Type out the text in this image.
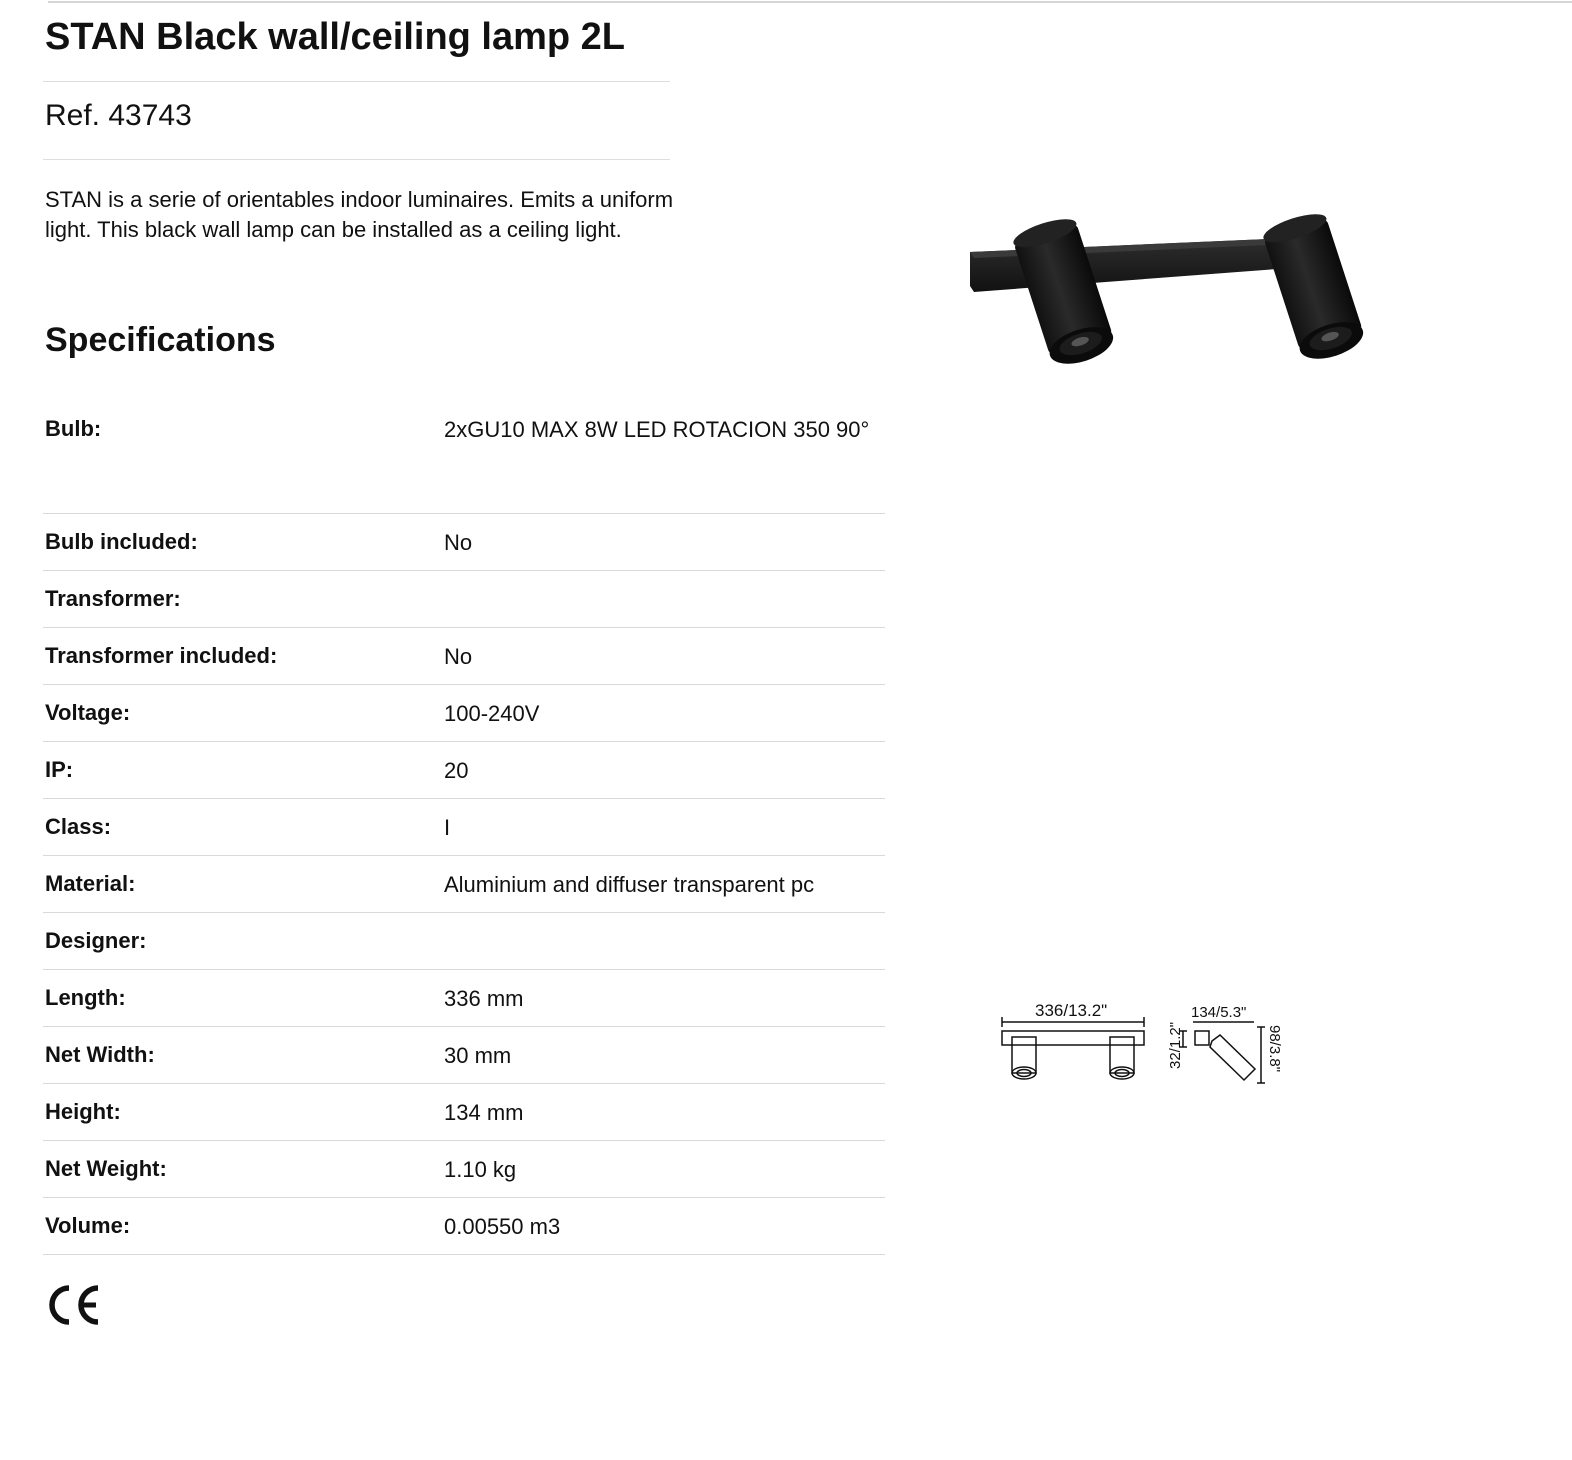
STAN Black wall/ceiling lamp 2L
Ref. 43743

STAN is a serie of orientables indoor luminaires. Emits a uniform light. This black wall lamp can be installed as a ceiling light.

Specifications
Bulb:	2xGU10 MAX 8W LED ROTACION 350 90°
Bulb included:	No
Transformer:
Transformer included:	No
Voltage:	100-240V
IP:	20
Class:	I
Material:	Aluminium and diffuser transparent pc
Designer:
Length:	336 mm
Net Width:	30 mm
Height:	134 mm
Net Weight:	1.10 kg
Volume:	0.00550 m3
336/13.2"
32/1.2"
134/5.3"
98/3.8"
